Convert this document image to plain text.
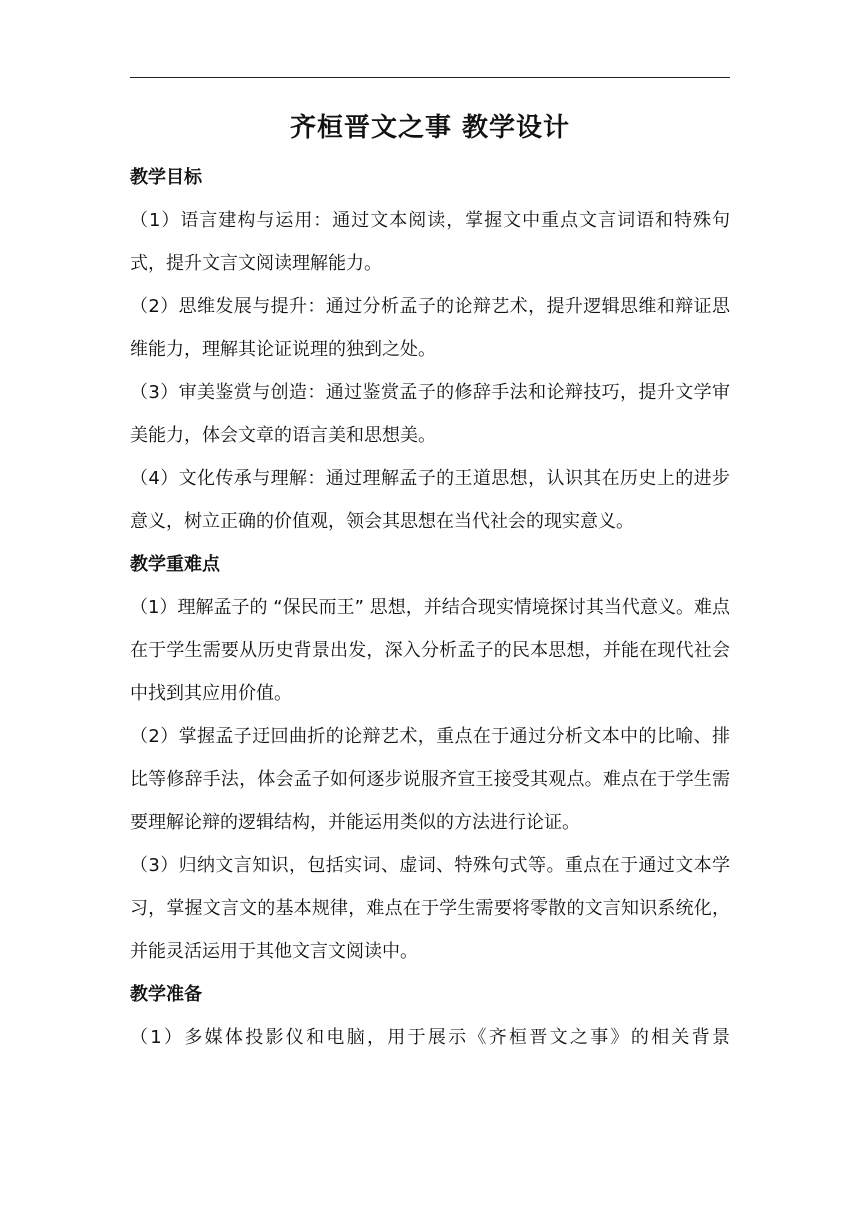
齐桓晋文之事 教学设计
教学目标

（1）语言建构与运用：通过文本阅读，掌握文中重点文言词语和特殊句式，提升文言文阅读理解能力。

（2）思维发展与提升：通过分析孟子的论辩艺术，提升逻辑思维和辩证思维能力，理解其论证说理的独到之处。

（3）审美鉴赏与创造：通过鉴赏孟子的修辞手法和论辩技巧，提升文学审美能力，体会文章的语言美和思想美。

（4）文化传承与理解：通过理解孟子的王道思想，认识其在历史上的进步意义，树立正确的价值观，领会其思想在当代社会的现实意义。

教学重难点

（1）理解孟子的 “保民而王” 思想，并结合现实情境探讨其当代意义。难点在于学生需要从历史背景出发，深入分析孟子的民本思想，并能在现代社会中找到其应用价值。

（2）掌握孟子迂回曲折的论辩艺术，重点在于通过分析文本中的比喻、排比等修辞手法，体会孟子如何逐步说服齐宣王接受其观点。难点在于学生需要理解论辩的逻辑结构，并能运用类似的方法进行论证。

（3）归纳文言知识，包括实词、虚词、特殊句式等。重点在于通过文本学习，掌握文言文的基本规律，难点在于学生需要将零散的文言知识系统化，并能灵活运用于其他文言文阅读中。

教学准备

（1）多媒体投影仪和电脑，用于展示《齐桓晋文之事》的相关背景
